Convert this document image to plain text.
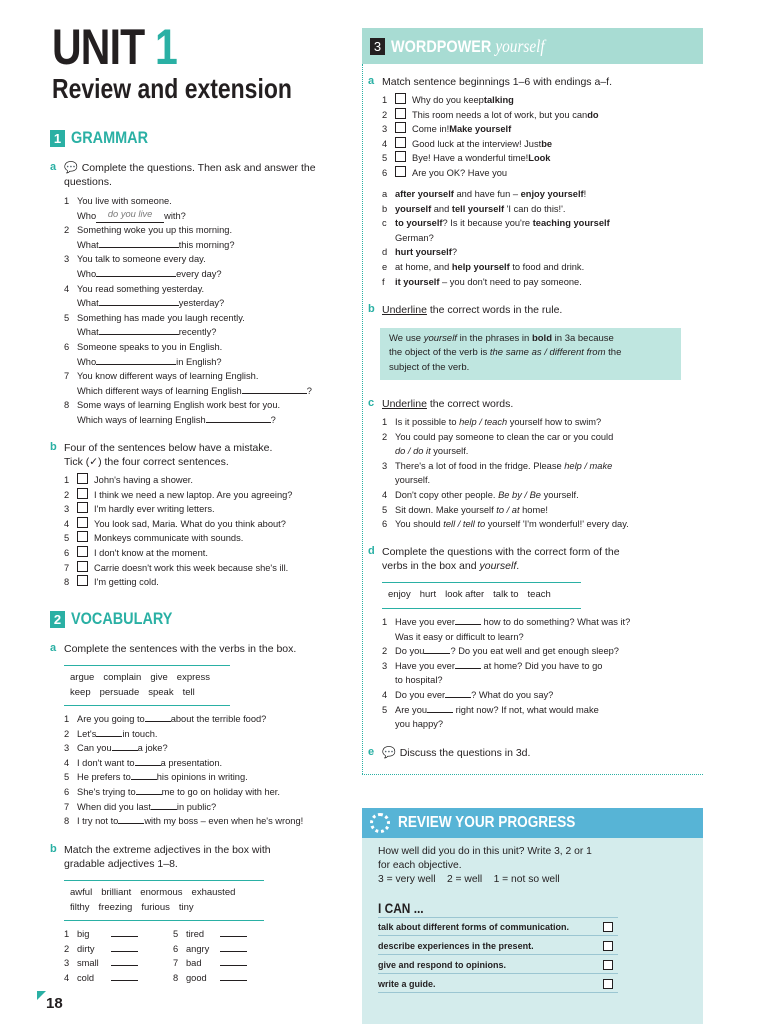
UNIT 1
Review and extension
1 GRAMMAR
a 💬 Complete the questions. Then ask and answer the questions.
1 You live with someone.
Who	do you live	with?
2 Something woke you up this morning.
What	this morning?
3 You talk to someone every day.
Who	every day?
4 You read something yesterday.
What	yesterday?
5 Something has made you laugh recently.
What	recently?
6 Someone speaks to you in English.
Who	in English?
7 You know different ways of learning English.
Which different ways of learning English	?
8 Some ways of learning English work best for you.
Which ways of learning English	?
b Four of the sentences below have a mistake.
Tick (✓) the four correct sentences.
1	John's having a shower.
2	I think we need a new laptop. Are you agreeing?
3	I'm hardly ever writing letters.
4	You look sad, Maria. What do you think about?
5	Monkeys communicate with sounds.
6	I don't know at the moment.
7	Carrie doesn't work this week because she's ill.
8	I'm getting cold.
2 VOCABULARY
a Complete the sentences with the verbs in the box.
argue complain give express
keep persuade speak tell
1 Are you going to	about the terrible food?
2 Let's	in touch.
3 Can you	a joke?
4 I don't want to	a presentation.
5 He prefers to	his opinions in writing.
6 She's trying to	me to go on holiday with her.
7 When did you last	in public?
8 I try not to	with my boss – even when he's wrong!
b Match the extreme adjectives in the box with gradable adjectives 1–8.
awful brilliant enormous exhausted
filthy freezing furious tiny
1 big
2 dirty
3 small
4 cold
5 tired
6 angry
7 bad
8 good
18
3 WORDPOWER yourself
a Match sentence beginnings 1–6 with endings a–f.
1	Why do you keep talking
2	This room needs a lot of work, but you can do
3	Come in! Make yourself
4	Good luck at the interview! Just be
5	Bye! Have a wonderful time! Look
6	Are you OK? Have you
a after yourself and have fun – enjoy yourself !
b yourself and tell yourself 'I can do this!'.
c to yourself ? Is it because you're teaching yourself
German?
d hurt yourself ?
e at home, and help yourself to food and drink.
f	it yourself – you don't need to pay someone.
b Underline the correct words in the rule.
We use yourself in the phrases in bold in 3a because
the object of the verb is the same as / different from the
subject of the verb.
c Underline the correct words.
1 Is it possible to help / teach yourself how to swim?
2 You could pay someone to clean the car or you could
do / do it yourself.
3 There's a lot of food in the fridge. Please help / make
yourself.
4 Don't copy other people. Be by / Be yourself.
5 Sit down. Make yourself to / at home!
6 You should tell / tell to yourself 'I'm wonderful!' every day.
d Complete the questions with the correct form of the
verbs in the box and yourself.
enjoy hurt look after talk to teach
1 Have you ever	how to do something? What was it?
Was it easy or difficult to learn?
2 Do you	? Do you eat well and get enough sleep?
3 Have you ever	at home? Did you have to go
to hospital?
4 Do you ever	? What do you say?
5 Are you	right now? If not, what would make
you happy?
e 💬 Discuss the questions in 3d.
REVIEW YOUR PROGRESS
How well did you do in this unit? Write 3, 2 or 1
for each objective.
3 = very well    2 = well    1 = not so well
I CAN ...
talk about different forms of communication.
describe experiences in the present.
give and respond to opinions.
write a guide.
